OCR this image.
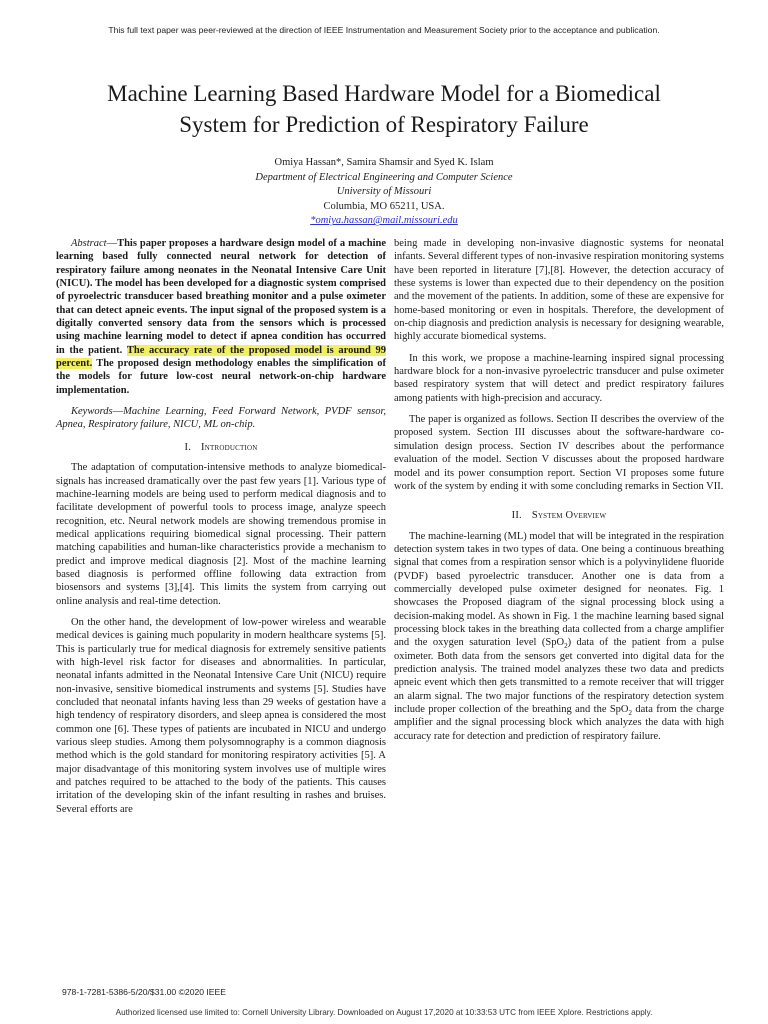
This full text paper was peer-reviewed at the direction of IEEE Instrumentation and Measurement Society prior to the acceptance and publication.
Machine Learning Based Hardware Model for a Biomedical
System for Prediction of Respiratory Failure
Omiya Hassan*, Samira Shamsir and Syed K. Islam
Department of Electrical Engineering and Computer Science
University of Missouri
Columbia, MO 65211, USA.
*omiya.hassan@mail.missouri.edu

Abstract—This paper proposes a hardware design model of a machine learning based fully connected neural network for detection of respiratory failure among neonates in the Neonatal Intensive Care Unit (NICU). The model has been developed for a diagnostic system comprised of pyroelectric transducer based breathing monitor and a pulse oximeter that can detect apneic events. The input signal of the proposed system is a digitally converted sensory data from the sensors which is processed using machine learning model to detect if apnea condition has occurred in the patient. The accuracy rate of the proposed model is around 99 percent. The proposed design methodology enables the simplification of the models for future low-cost neural network-on-chip hardware implementation.

Keywords—Machine Learning, Feed Forward Network, PVDF sensor, Apnea, Respiratory failure, NICU, ML on-chip.

I. Introduction

The adaptation of computation-intensive methods to analyze biomedical-signals has increased dramatically over the past few years [1]. Various type of machine-learning models are being used to perform medical diagnosis and to facilitate development of powerful tools to process image, analyze speech recognition, etc. Neural network models are showing tremendous promise in medical applications requiring biomedical signal processing. Their pattern matching capabilities and human-like characteristics provide a mechanism to predict and improve medical diagnosis [2]. Most of the machine learning based diagnosis is performed offline following data extraction from biosensors and systems [3],[4]. This limits the system from carrying out online analysis and real-time detection.

On the other hand, the development of low-power wireless and wearable medical devices is gaining much popularity in modern healthcare systems [5]. This is particularly true for medical diagnosis for extremely sensitive patients with high-level risk factor for diseases and abnormalities. In particular, neonatal infants admitted in the Neonatal Intensive Care Unit (NICU) require non-invasive, sensitive biomedical instruments and systems [5]. Studies have concluded that neonatal infants having less than 29 weeks of gestation have a high tendency of respiratory disorders, and sleep apnea is considered the most common one [6]. These types of patients are incubated in NICU and undergo various sleep studies. Among them polysomnography is a common diagnosis method which is the gold standard for monitoring respiratory activities [5]. A major disadvantage of this monitoring system involves use of multiple wires and patches required to be attached to the body of the patients. This causes irritation of the developing skin of the infant resulting in rashes and bruises. Several efforts are

being made in developing non-invasive diagnostic systems for neonatal infants. Several different types of non-invasive respiration monitoring systems have been reported in literature [7],[8]. However, the detection accuracy of these systems is lower than expected due to their dependency on the position and the movement of the patients. In addition, some of these are expensive for home-based monitoring or even in hospitals. Therefore, the development of on-chip diagnosis and prediction analysis is necessary for designing wearable, highly accurate biomedical systems.

In this work, we propose a machine-learning inspired signal processing hardware block for a non-invasive pyroelectric transducer and pulse oximeter based respiratory system that will detect and predict respiratory failures among patients with high-precision and accuracy.

The paper is organized as follows. Section II describes the overview of the proposed system. Section III discusses about the software-hardware co-simulation design process. Section IV describes about the performance evaluation of the model. Section V discusses about the proposed hardware model and its power consumption report. Section VI proposes some future work of the system by ending it with some concluding remarks in Section VII.

II. System Overview

The machine-learning (ML) model that will be integrated in the respiration detection system takes in two types of data. One being a continuous breathing signal that comes from a respiration sensor which is a polyvinylidene fluoride (PVDF) based pyroelectric transducer. Another one is data from a commercially developed pulse oximeter designed for neonates. Fig. 1 showcases the Proposed diagram of the signal processing block using a decision-making model. As shown in Fig. 1 the machine learning based signal processing block takes in the breathing data collected from a charge amplifier and the oxygen saturation level (SpO$_2$) data of the patient from a pulse oximeter. Both data from the sensors get converted into digital data for the prediction analysis. The trained model analyzes these two data and predicts apneic event which then gets transmitted to a remote receiver that will trigger an alarm signal. The two major functions of the respiratory detection system include proper collection of the breathing and the SpO$_2$ data from the charge amplifier and the signal processing block which analyzes the data with high accuracy rate for detection and prediction of respiratory failure.

978-1-7281-5386-5/20/$31.00 ©2020 IEEE
Authorized licensed use limited to: Cornell University Library. Downloaded on August 17,2020 at 10:33:53 UTC from IEEE Xplore. Restrictions apply.
